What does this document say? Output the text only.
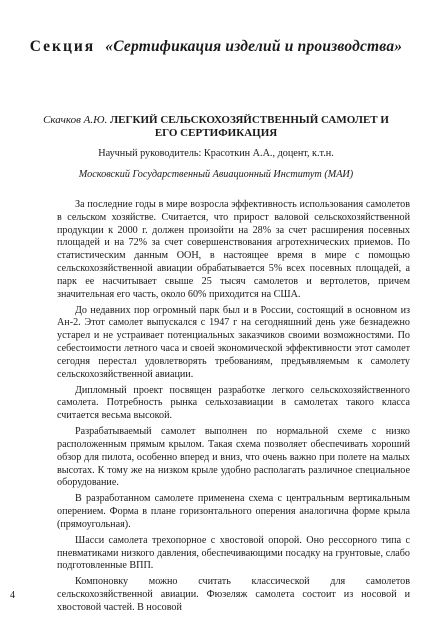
Секция «Сертификация изделий и производства»
Скачков А.Ю. ЛЕГКИЙ СЕЛЬСКОХОЗЯЙСТВЕННЫЙ САМОЛЕТ И ЕГО СЕРТИФИКАЦИЯ
Научный руководитель: Красоткин А.А., доцент, к.т.н.
Московский Государственный Авиационный Институт (МАИ)

За последние годы в мире возросла эффективность использования самолетов в сельском хозяйстве. Считается, что прирост валовой сельскохозяйственной продукции к 2000 г. должен произойти на 28% за счет расширения посевных площадей и на 72% за счет совершенствования агротехнических приемов. По статистическим данным ООН, в настоящее время в мире с помощью сельскохозяйственной авиации обрабатывается 5% всех посевных площадей, а парк ее насчитывает свыше 25 тысяч самолетов и вертолетов, причем значительная его часть, около 60% приходится на США.

До недавних пор огромный парк был и в России, состоящий в основном из Ан-2. Этот самолет выпускался с 1947 г на сегодняшний день уже безнадежно устарел и не устраивает потенциальных заказчиков своими возможностями. По себестоимости летного часа и своей экономической эффективности этот самолет сегодня перестал удовлетворять требованиям, предъявляемым к самолету сельскохозяйственной авиации.

Дипломный проект посвящен разработке легкого сельскохозяйственного самолета. Потребность рынка сельхозавиации в самолетах такого класса считается весьма высокой.

Разрабатываемый самолет выполнен по нормальной схеме с низко расположенным прямым крылом. Такая схема позволяет обеспечивать хороший обзор для пилота, особенно вперед и вниз, что очень важно при полете на малых высотах. К тому же на низком крыле удобно располагать различное специальное оборудование.

В разработанном самолете применена схема с центральным вертикальным оперением. Форма в плане горизонтального оперения аналогична форме крыла (прямоугольная).

Шасси самолета трехопорное с хвостовой опорой. Оно рессорного типа с пневматиками низкого давления, обеспечивающими посадку на грунтовые, слабо подготовленные ВПП.

Компоновку можно считать классической для самолетов сельскохозяйственной авиации. Фюзеляж самолета состоит из носовой и хвостовой частей. В носовой

4
